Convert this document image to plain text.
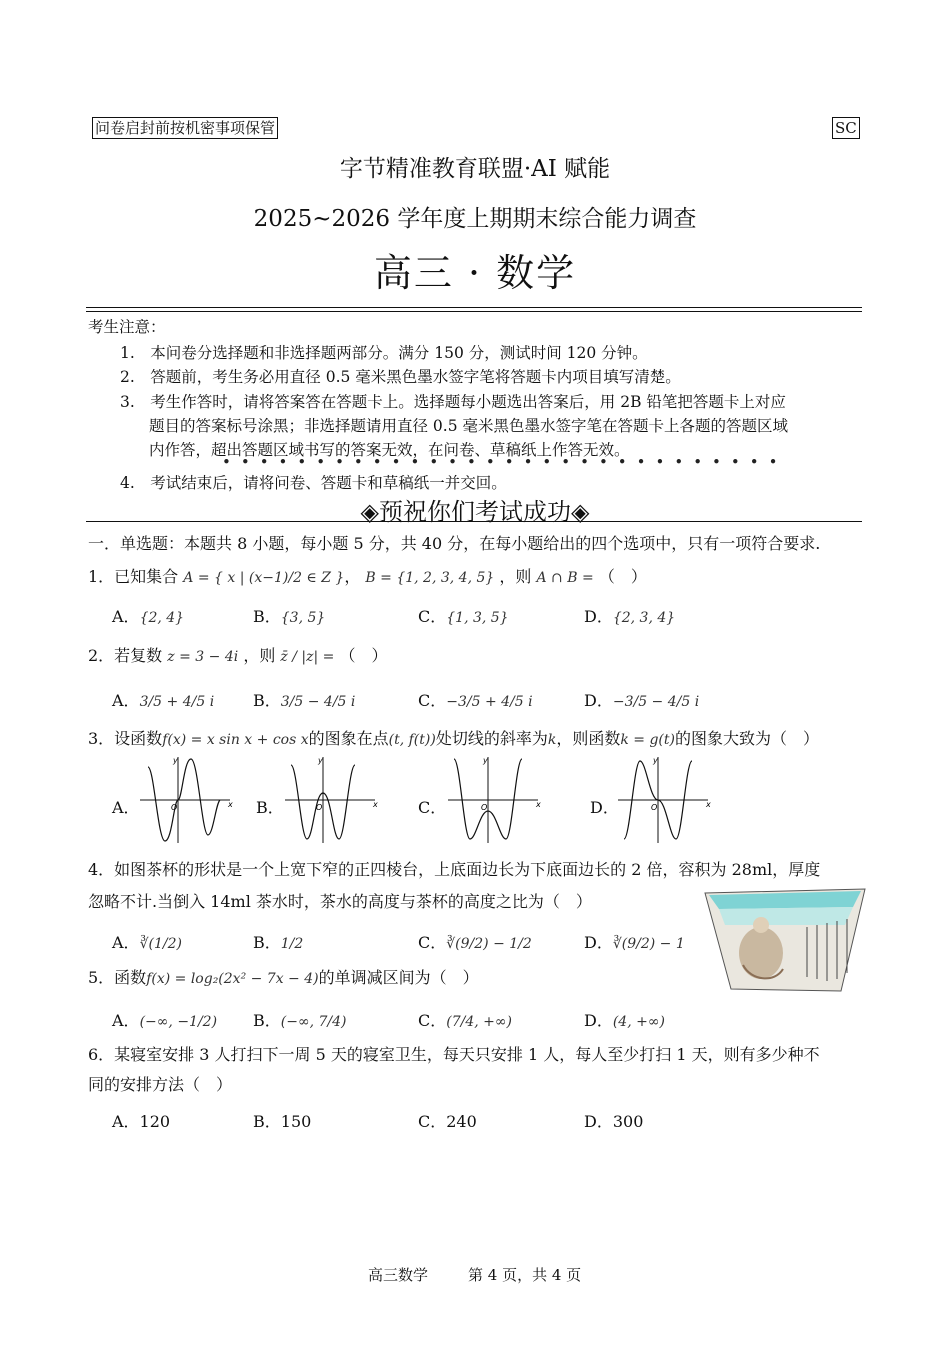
问卷启封前按机密事项保管	SC
字节精准教育联盟·AI 赋能
2025~2026 学年度上期期末综合能力调查
高三 · 数学
考生注意：
1.　本问卷分选择题和非选择题两部分。满分 150 分，测试时间 120 分钟。
2.　答题前，考生务必用直径 0.5 毫米黑色墨水签字笔将答题卡内项目填写清楚。
3.　考生作答时，请将答案答在答题卡上。选择题每小题选出答案后，用 2B 铅笔把答题卡上对应
题目的答案标号涂黑；非选择题请用直径 0.5 毫米黑色墨水签字笔在答题卡上各题的答题区域
内作答，超出答题区域书写的答案无效，在问卷、草稿纸上作答无效。
••••••••••••••••••••••••••••••
4.　考试结束后，请将问卷、答题卡和草稿纸一并交回。
◈预祝你们考试成功◈
一．单选题：本题共 8 小题，每小题 5 分，共 40 分，在每小题给出的四个选项中，只有一项符合要求.
1．已知集合 A = { x | (x−1)/2 ∈ Z }， B = {1, 2, 3, 4, 5} ，则 A ∩ B = （　）
A．{2, 4}	B．{3, 5}	C．{1, 3, 5}	D．{2, 3, 4}
2．若复数 z = 3 − 4i ，则 z̄ / |z| = （　）
A．3/5 + 4/5 i B．3/5 − 4/5 i	C．−3/5 + 4/5 i	D．−3/5 − 4/5 i
3．设函数f(x) = x sin x + cos x的图象在点(t, f(t))处切线的斜率为k，则函数k = g(t)的图象大致为（　）
A．	B．	C．	D．
x
y
O	x
y
O	x
y
O	x
y
O
4．如图茶杯的形状是一个上宽下窄的正四棱台，上底面边长为下底面边长的 2 倍，容积为 28ml，厚度
忽略不计.当倒入 14ml 茶水时，茶水的高度与茶杯的高度之比为（　）
A．∛(1/2)	B．1/2	C．∛(9/2) − 1/2	D．∛(9/2) − 1
5．函数f(x) = log₂(2x² − 7x − 4)的单调减区间为（　）
A．(−∞, −1/2) B．(−∞, 7/4)	C．(7/4, +∞)	D．(4, +∞)
6．某寝室安排 3 人打扫下一周 5 天的寝室卫生，每天只安排 1 人，每人至少打扫 1 天，则有多少种不
同的安排方法（　）
A．120	B．150	C．240	D．300
高三数学	第 4 页，共 4 页
